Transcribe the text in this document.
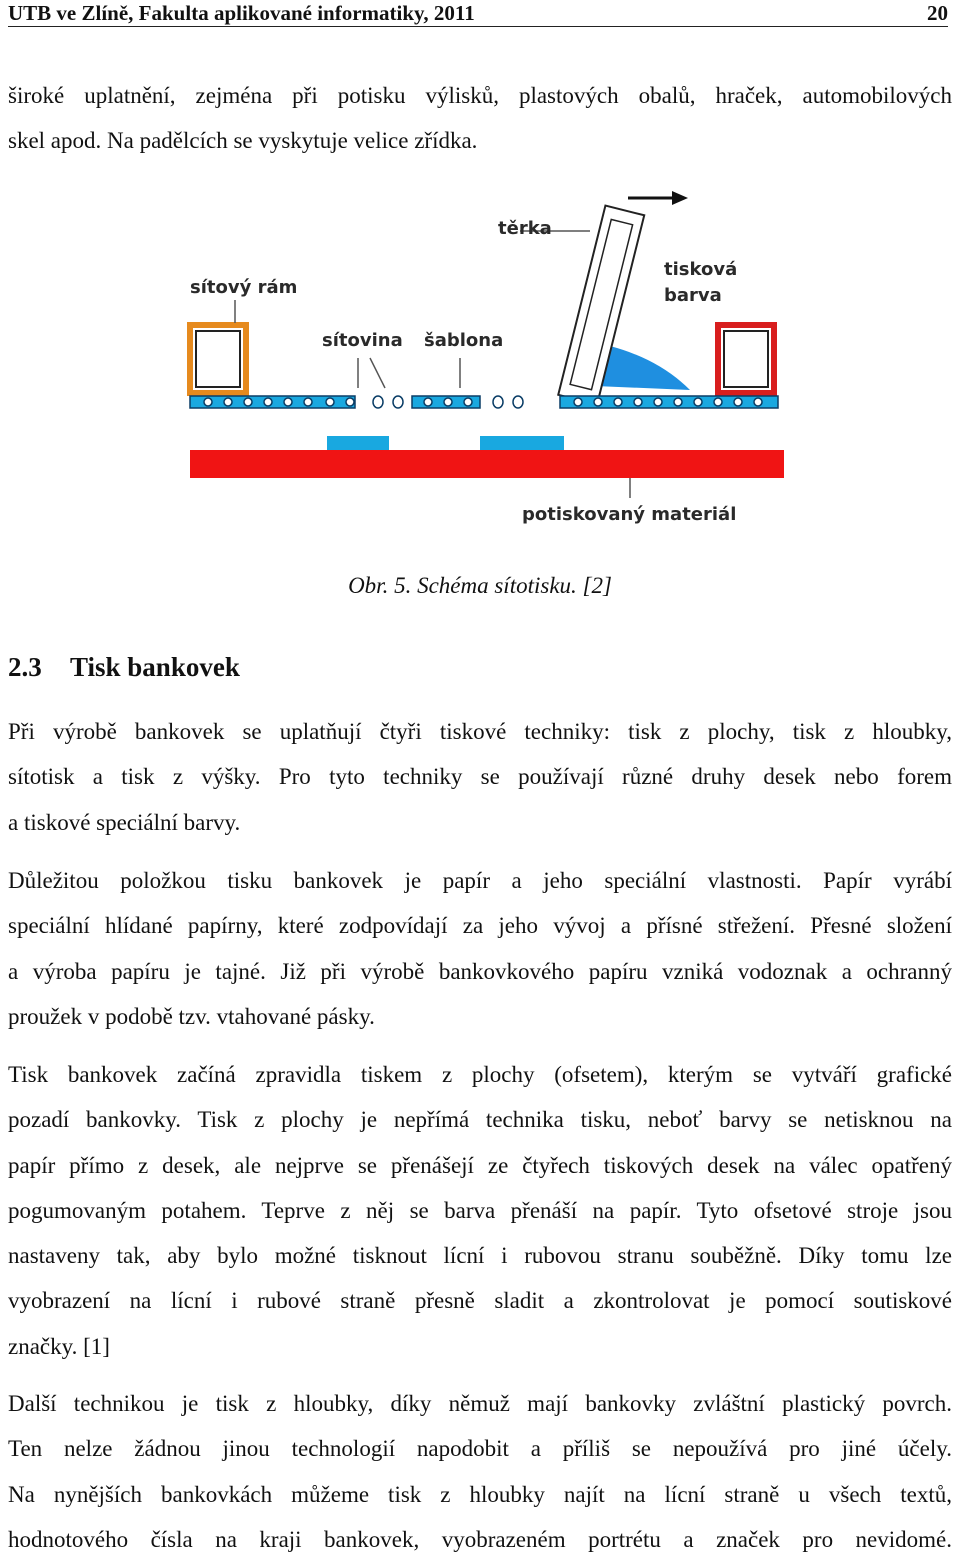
UTB ve Zlíně, Fakulta aplikované informatiky, 2011	20
široké uplatnění, zejména při potisku výlisků, plastových obalů, hraček, automobilových
skel apod. Na padělcích se vyskytuje velice zřídka.
těrka
sítový rám
tisková
barva
sítovina šablona
potiskovaný materiál
Obr. 5. Schéma sítotisku. [2]
2.3 Tisk bankovek
Při výrobě bankovek se uplatňují čtyři tiskové techniky: tisk z plochy, tisk z hloubky,
sítotisk a tisk z výšky. Pro tyto techniky se používají různé druhy desek nebo forem
a tiskové speciální barvy.
Důležitou položkou tisku bankovek je papír a jeho speciální vlastnosti. Papír vyrábí
speciální hlídané papírny, které zodpovídají za jeho vývoj a přísné střežení. Přesné složení
a výroba papíru je tajné. Již při výrobě bankovkového papíru vzniká vodoznak a ochranný
proužek v podobě tzv. vtahované pásky.
Tisk bankovek začíná zpravidla tiskem z plochy (ofsetem), kterým se vytváří grafické
pozadí bankovky. Tisk z plochy je nepřímá technika tisku, neboť barvy se netisknou na
papír přímo z desek, ale nejprve se přenášejí ze čtyřech tiskových desek na válec opatřený
pogumovaným potahem. Teprve z něj se barva přenáší na papír. Tyto ofsetové stroje jsou
nastaveny tak, aby bylo možné tisknout lícní i rubovou stranu souběžně. Díky tomu lze
vyobrazení na lícní i rubové straně přesně sladit a zkontrolovat je pomocí soutiskové
značky. [1]
Další technikou je tisk z hloubky, díky němuž mají bankovky zvláštní plastický povrch.
Ten nelze žádnou jinou technologií napodobit a příliš se nepoužívá pro jiné účely.
Na nynějších bankovkách můžeme tisk z hloubky najít na lícní straně u všech textů,
hodnotového čísla na kraji bankovek, vyobrazeném portrétu a značek pro nevidomé.
